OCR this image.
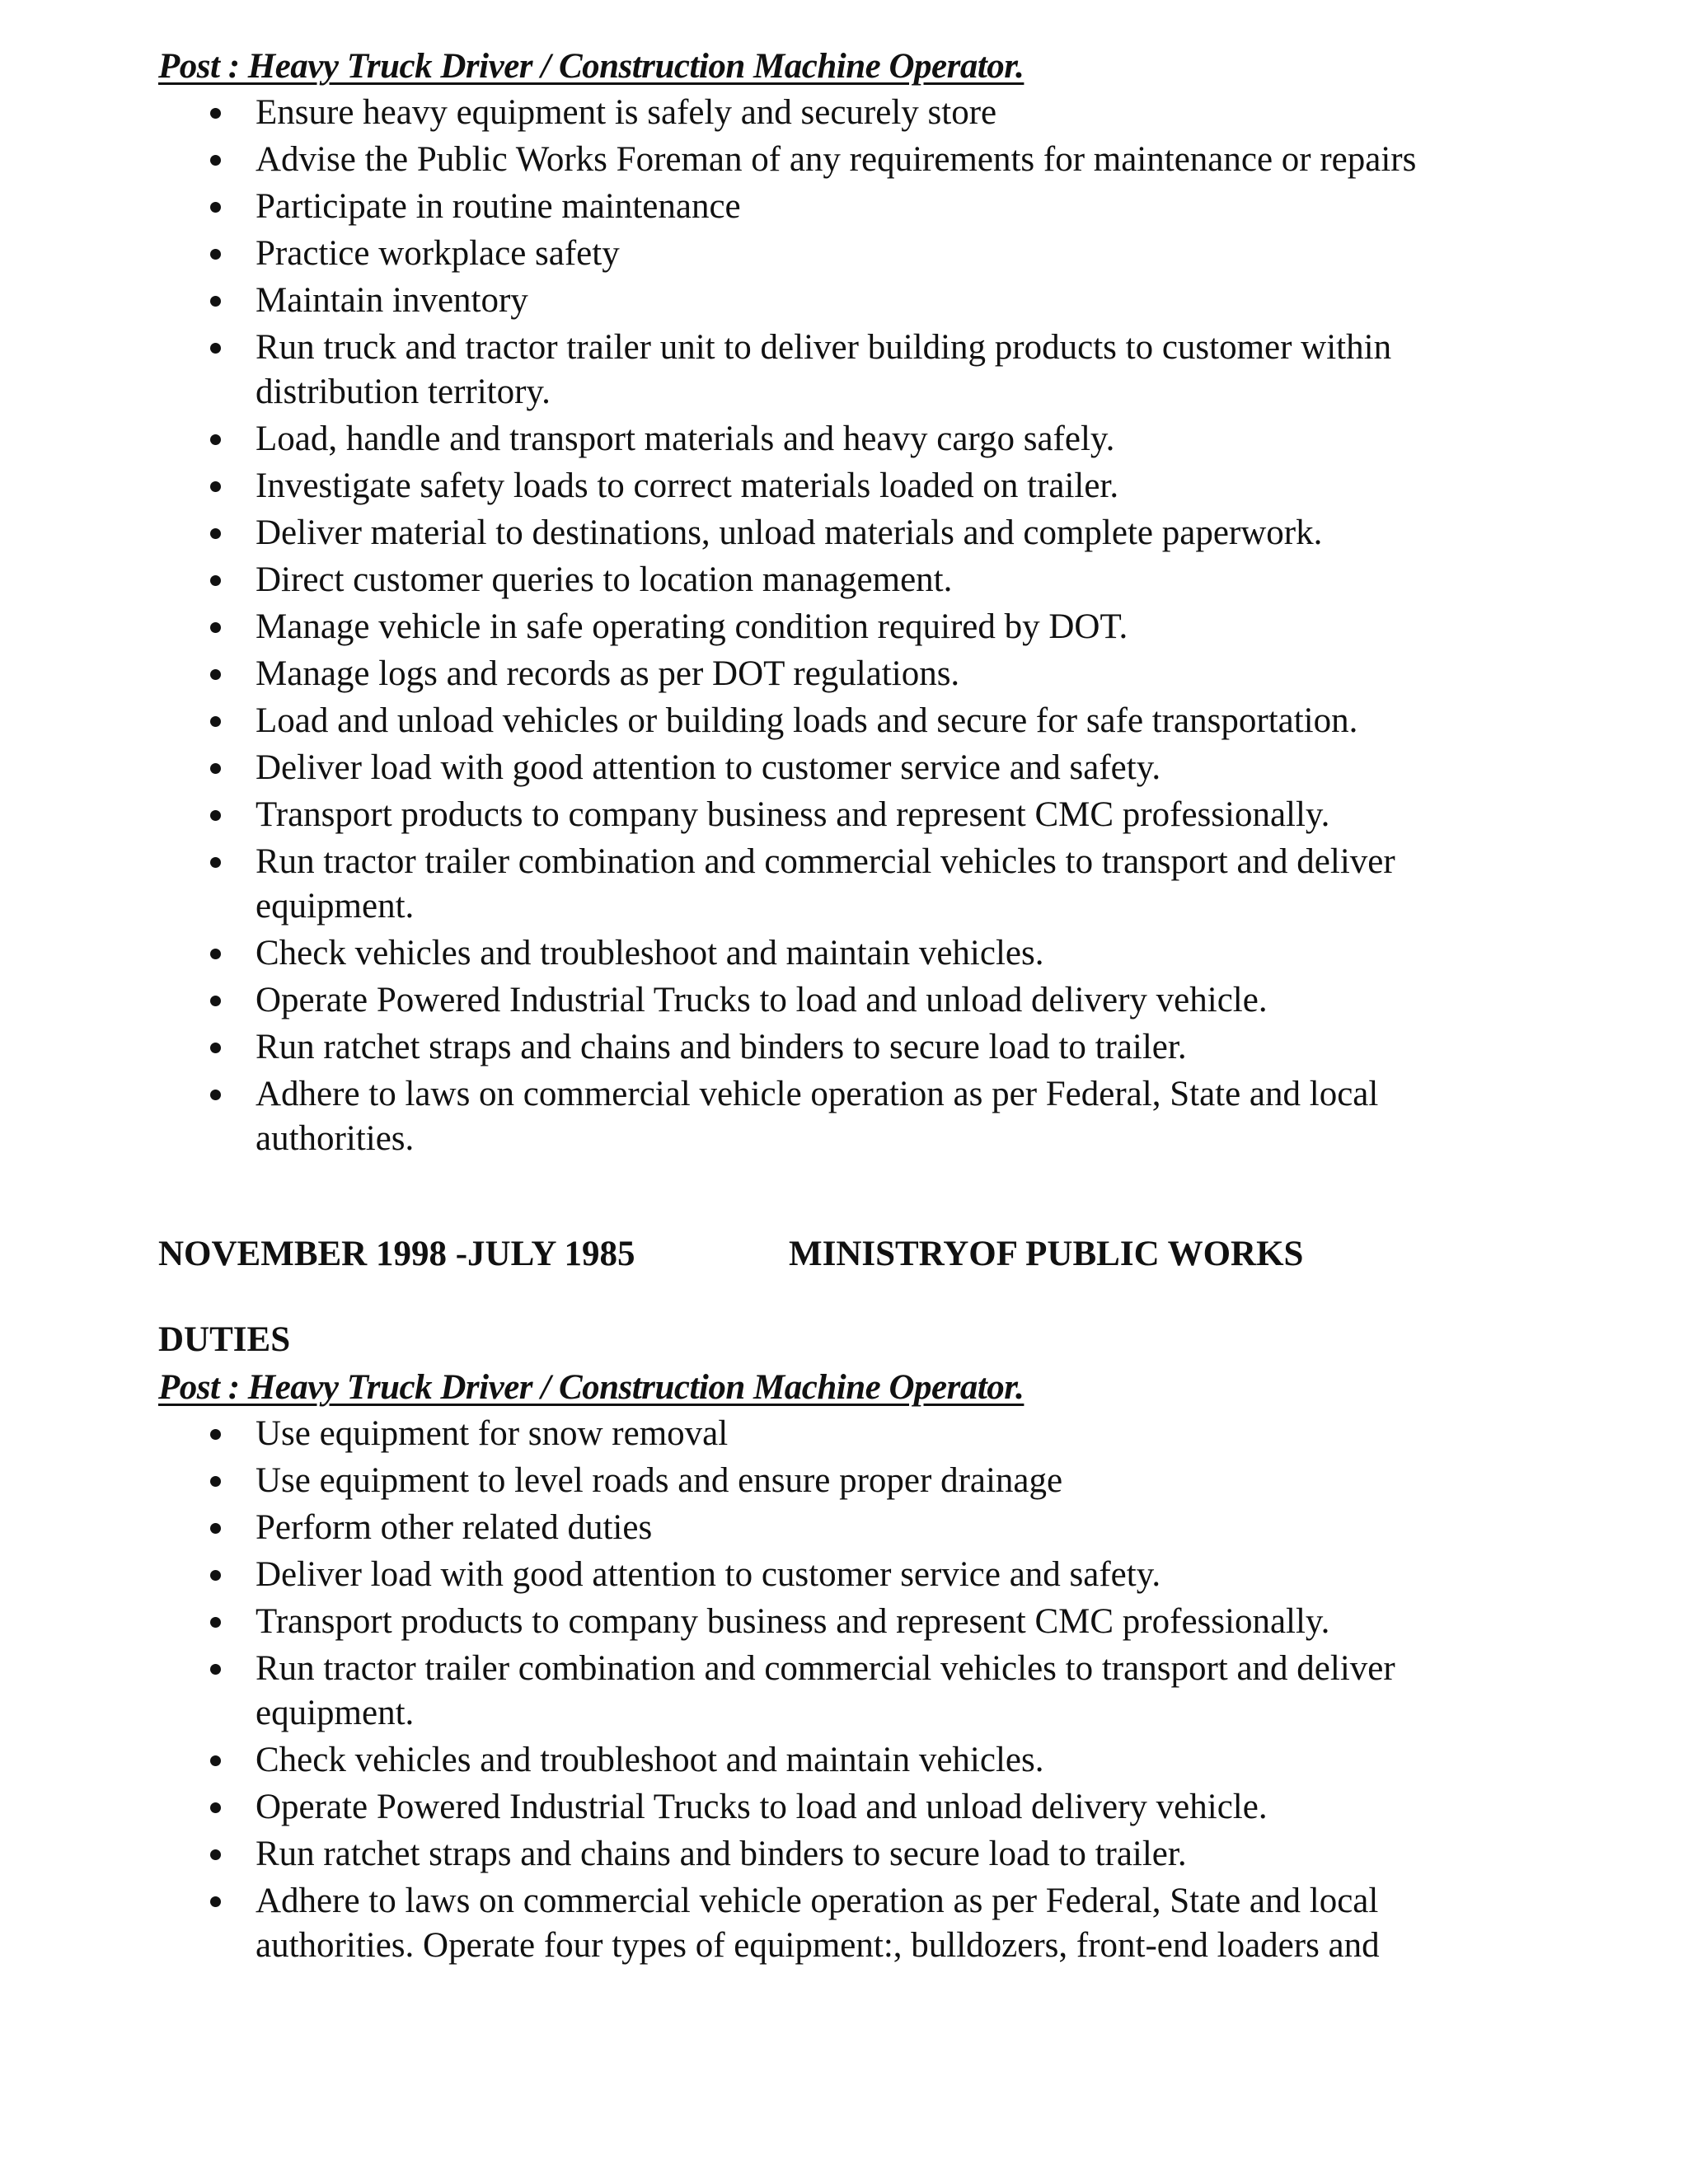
Post : Heavy Truck Driver / Construction Machine Operator.

Ensure heavy equipment is safely and securely store
Advise the Public Works Foreman of any requirements for maintenance or repairs
Participate in routine maintenance
Practice workplace safety
Maintain inventory
Run truck and tractor trailer unit to deliver building products to customer within distribution territory.
Load, handle and transport materials and heavy cargo safely.
Investigate safety loads to correct materials loaded on trailer.
Deliver material to destinations, unload materials and complete paperwork.
Direct customer queries to location management.
Manage vehicle in safe operating condition required by DOT.
Manage logs and records as per DOT regulations.
Load and unload vehicles or building loads and secure for safe transportation.
Deliver load with good attention to customer service and safety.
Transport products to company business and represent CMC professionally.
Run tractor trailer combination and commercial vehicles to transport and deliver equipment.
Check vehicles and troubleshoot and maintain vehicles.
Operate Powered Industrial Trucks to load and unload delivery vehicle.
Run ratchet straps and chains and binders to secure load to trailer.
Adhere to laws on commercial vehicle operation as per Federal, State and local authorities.
NOVEMBER 1998 -JULY 1985	MINISTRYOF PUBLIC WORKS

DUTIES

Post : Heavy Truck Driver / Construction Machine Operator.

Use equipment for snow removal
Use equipment to level roads and ensure proper drainage
Perform other related duties
Deliver load with good attention to customer service and safety.
Transport products to company business and represent CMC professionally.
Run tractor trailer combination and commercial vehicles to transport and deliver equipment.
Check vehicles and troubleshoot and maintain vehicles.
Operate Powered Industrial Trucks to load and unload delivery vehicle.
Run ratchet straps and chains and binders to secure load to trailer.
Adhere to laws on commercial vehicle operation as per Federal, State and local authorities. Operate four types of equipment:, bulldozers, front-end loaders and
